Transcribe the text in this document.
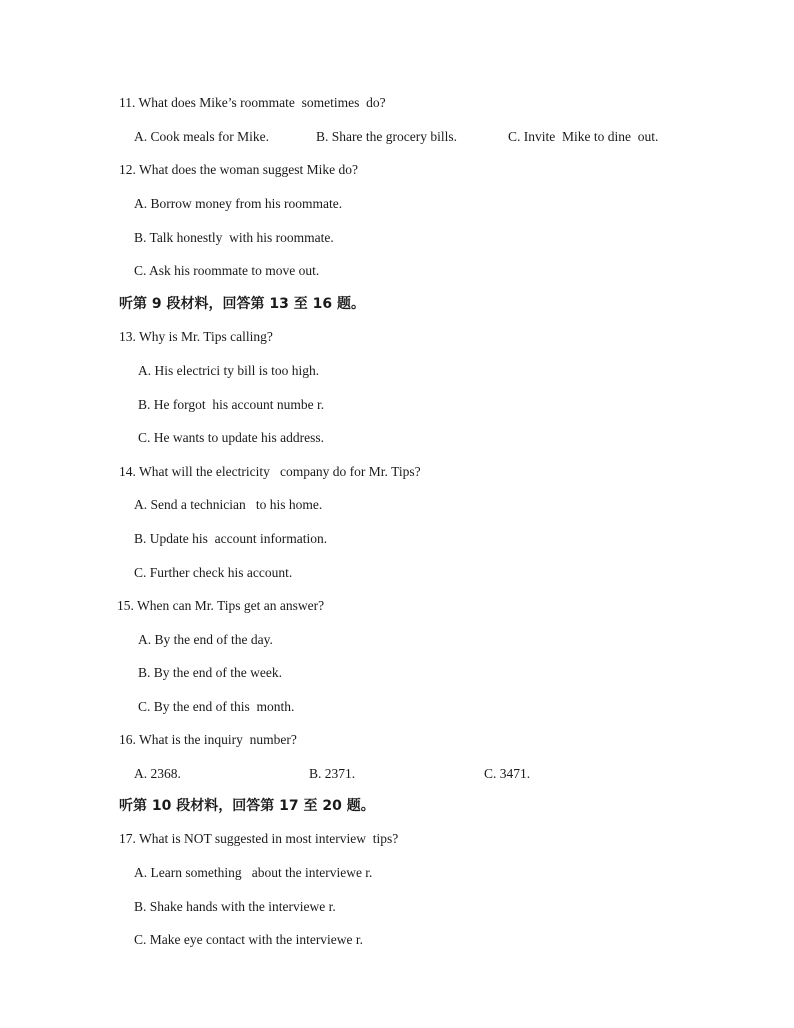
11. What does Mike’s roommate  sometimes  do?
A. Cook meals for Mike.	B. Share the grocery bills.	C. Invite  Mike to dine  out.
12. What does the woman suggest Mike do?
A. Borrow money from his roommate.
B. Talk honestly  with his roommate.
C. Ask his roommate to move out.
听第 9 段材料，回答第 13 至 16 题。
13. Why is Mr. Tips calling?
A. His electrici ty bill is too high.
B. He forgot  his account numbe r.
C. He wants to update his address.
14. What will the electricity   company do for Mr. Tips?
A. Send a technician   to his home.
B. Update his  account information.
C. Further check his account.
15. When can Mr. Tips get an answer?
A. By the end of the day.
B. By the end of the week.
C. By the end of this  month.
16. What is the inquiry  number?
A. 2368.	B. 2371.	C. 3471.
听第 10 段材料，回答第 17 至 20 题。
17. What is NOT suggested in most interview  tips?
A. Learn something   about the interviewe r.
B. Shake hands with the interviewe r.
C. Make eye contact with the interviewe r.
